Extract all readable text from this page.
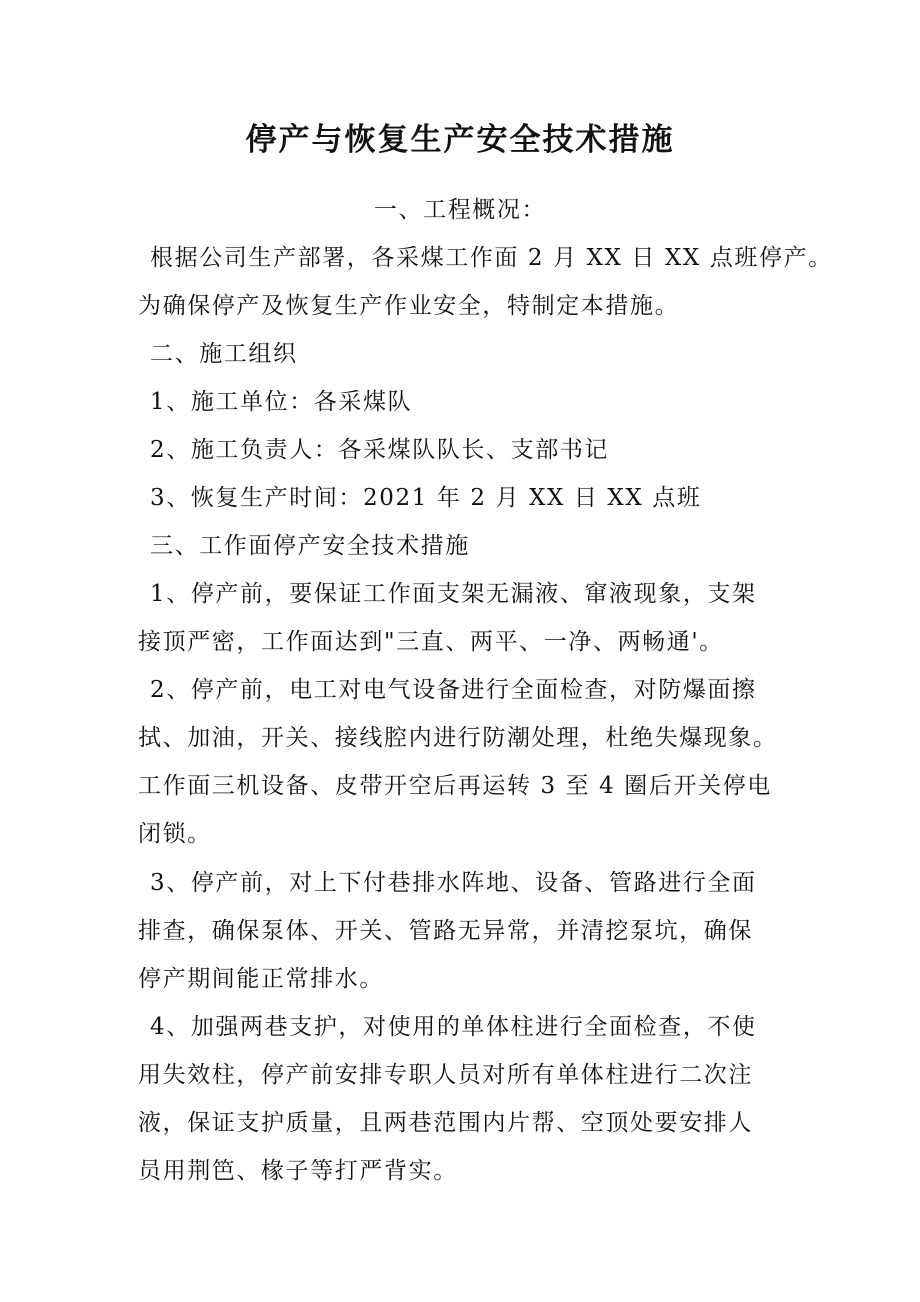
停产与恢复生产安全技术措施

一、工程概况：

根据公司生产部署，各采煤工作面 2 月 XX 日 XX 点班停产。

为确保停产及恢复生产作业安全，特制定本措施。

二、施工组织

1、施工单位：各采煤队

2、施工负责人：各采煤队队长、支部书记

3、恢复生产时间：2021 年 2 月 XX 日 XX 点班

三、工作面停产安全技术措施

1、停产前，要保证工作面支架无漏液、窜液现象，支架

接顶严密，工作面达到"三直、两平、一净、两畅通'。

2、停产前，电工对电气设备进行全面检查，对防爆面擦

拭、加油，开关、接线腔内进行防潮处理，杜绝失爆现象。

工作面三机设备、皮带开空后再运转 3 至 4 圈后开关停电

闭锁。

3、停产前，对上下付巷排水阵地、设备、管路进行全面

排查，确保泵体、开关、管路无异常，并清挖泵坑，确保

停产期间能正常排水。

4、加强两巷支护，对使用的单体柱进行全面检查，不使

用失效柱，停产前安排专职人员对所有单体柱进行二次注

液，保证支护质量，且两巷范围内片帮、空顶处要安排人

员用荆笆、椽子等打严背实。
